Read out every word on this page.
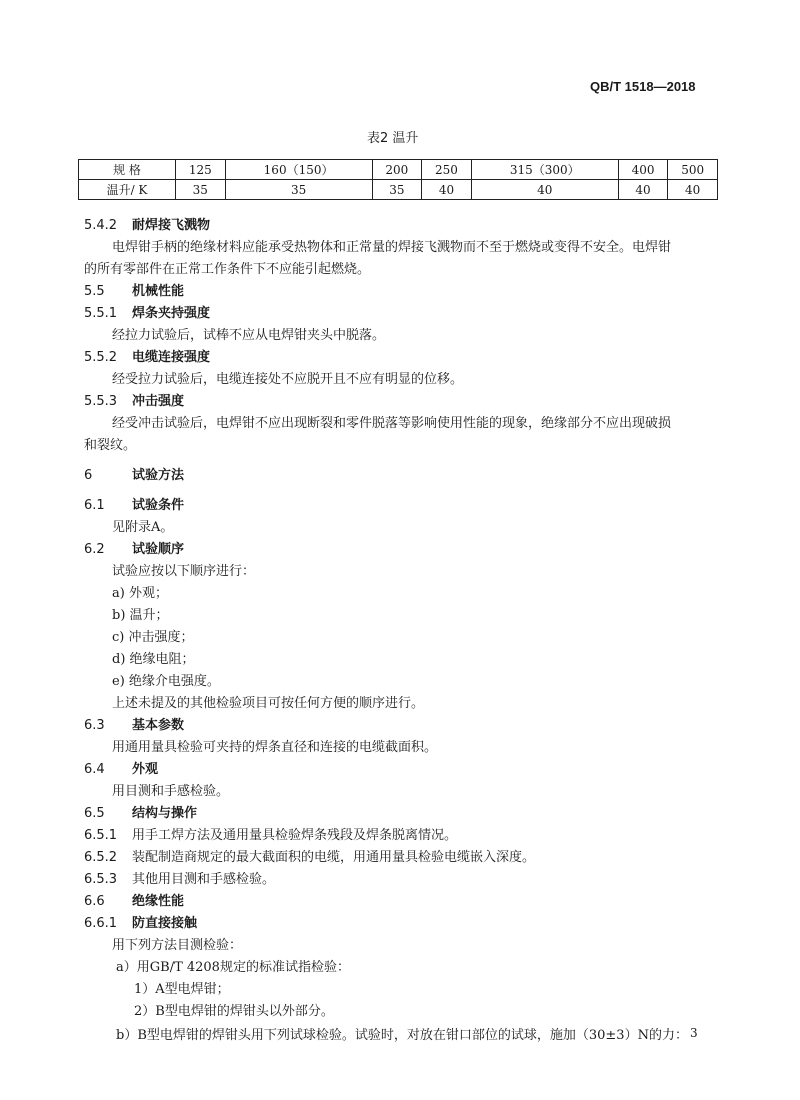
QB/T 1518—2018
表2 温升
规 格	125	160（150）	200	250	315（300）	400	500
温升/ K	35	35	35	40	40	40	40
5.4.2 耐焊接飞溅物
电焊钳手柄的绝缘材料应能承受热物体和正常量的焊接飞溅物而不至于燃烧或变得不安全。电焊钳
的所有零部件在正常工作条件下不应能引起燃烧。
5.5 机械性能
5.5.1 焊条夹持强度
经拉力试验后，试棒不应从电焊钳夹头中脱落。
5.5.2 电缆连接强度
经受拉力试验后，电缆连接处不应脱开且不应有明显的位移。
5.5.3 冲击强度
经受冲击试验后，电焊钳不应出现断裂和零件脱落等影响使用性能的现象，绝缘部分不应出现破损
和裂纹。
6	试验方法
6.1 试验条件
见附录A。
6.2 试验顺序
试验应按以下顺序进行：
a) 外观；
b) 温升；
c) 冲击强度；
d) 绝缘电阻；
e) 绝缘介电强度。
上述未提及的其他检验项目可按任何方便的顺序进行。
6.3 基本参数
用通用量具检验可夹持的焊条直径和连接的电缆截面积。
6.4 外观
用目测和手感检验。
6.5 结构与操作
6.5.1 用手工焊方法及通用量具检验焊条残段及焊条脱离情况。
6.5.2 装配制造商规定的最大截面积的电缆，用通用量具检验电缆嵌入深度。
6.5.3 其他用目测和手感检验。
6.6 绝缘性能
6.6.1 防直接接触
用下列方法目测检验：
a）用GB/T 4208规定的标准试指检验：
1）A型电焊钳；
2）B型电焊钳的焊钳头以外部分。
b）B型电焊钳的焊钳头用下列试球检验。试验时，对放在钳口部位的试球，施加（30±3）N的力： 3
